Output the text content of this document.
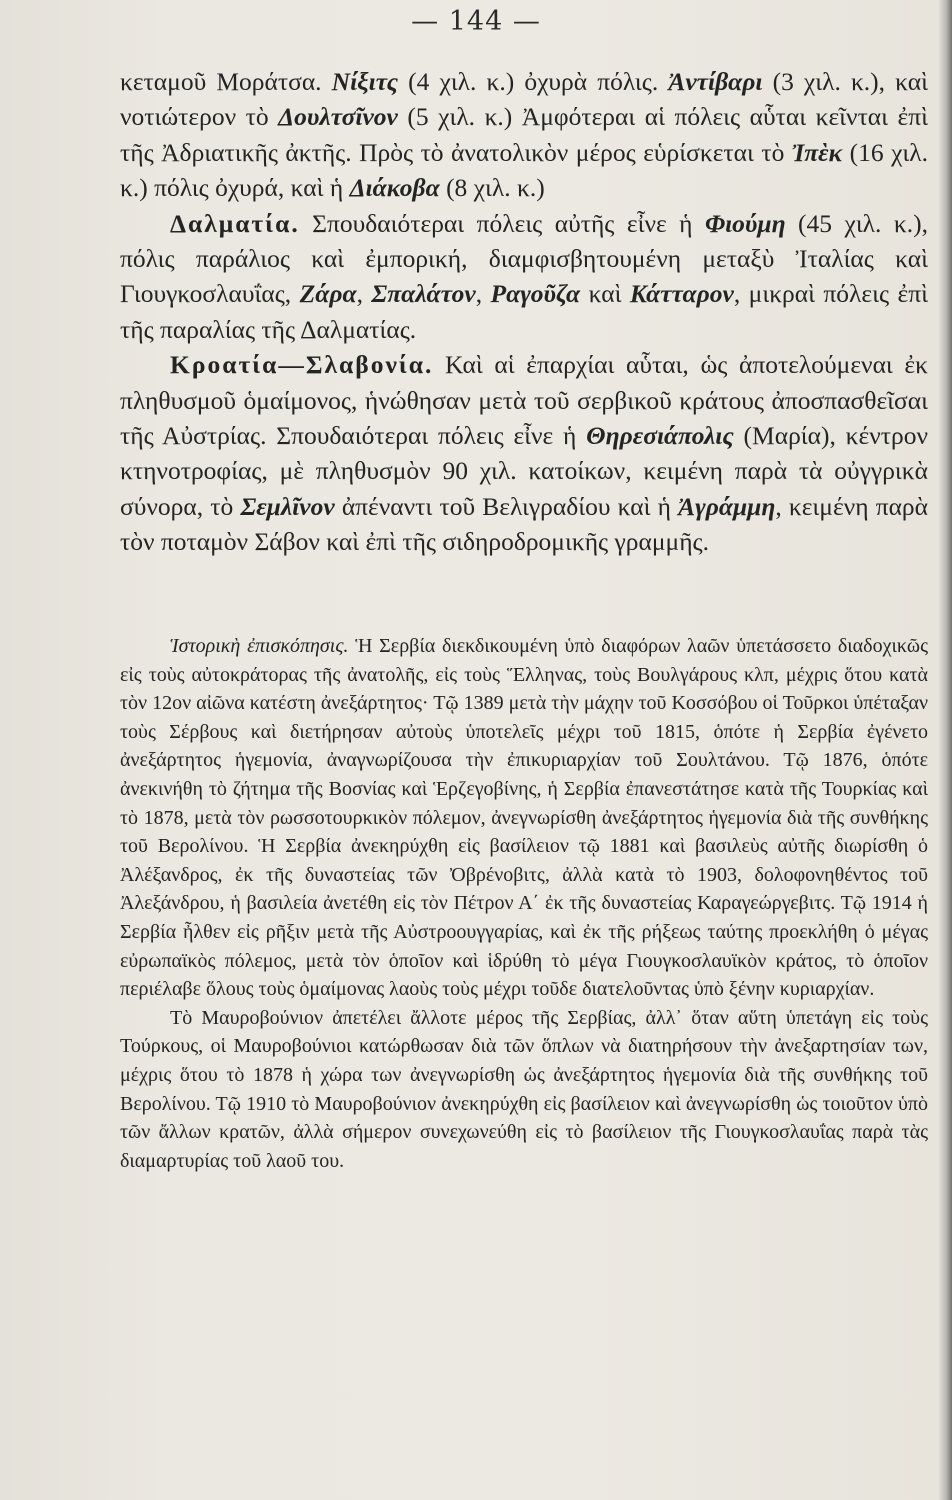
— 144 —

κεταμοῦ Μοράτσα. Νίξιτς (4 χιλ. κ.) ὀχυρὰ πόλις. Ἀντίβαρι (3 χιλ. κ.), καὶ νοτιώτερον τὸ Δουλτσῖνον (5 χιλ. κ.) Ἀμφότεραι αἱ πόλεις αὗται κεῖνται ἐπὶ τῆς Ἀδριατικῆς ἀκτῆς. Πρὸς τὸ ἀνατολικὸν μέρος εὑρίσκεται τὸ Ἰπὲκ (16 χιλ. κ.) πόλις ὀχυρά, καὶ ἡ Διάκοβα (8 χιλ. κ.)

Δαλματία. Σπουδαιότεραι πόλεις αὐτῆς εἶνε ἡ Φιούμη (45 χιλ. κ.), πόλις παράλιος καὶ ἐμπορική, διαμφισβητουμένη μεταξὺ Ἰταλίας καὶ Γιουγκοσλαυΐας, Ζάρα, Σπαλάτον, Ραγοῦζα καὶ Κάτταρον, μικραὶ πόλεις ἐπὶ τῆς παραλίας τῆς Δαλματίας.

Κροατία—Σλαβονία. Καὶ αἱ ἐπαρχίαι αὗται, ὡς ἀποτελούμεναι ἐκ πληθυσμοῦ ὁμαίμονος, ἡνώθησαν μετὰ τοῦ σερβικοῦ κράτους ἀποσπασθεῖσαι τῆς Αὐστρίας. Σπουδαιότεραι πόλεις εἶνε ἡ Θηρεσιάπολις (Μαρία), κέντρον κτηνοτροφίας, μὲ πληθυσμὸν 90 χιλ. κατοίκων, κειμένη παρὰ τὰ οὐγγρικὰ σύνορα, τὸ Σεμλῖνον ἀπέναντι τοῦ Βελιγραδίου καὶ ἡ Ἀγράμμη, κειμένη παρὰ τὸν ποταμὸν Σάβον καὶ ἐπὶ τῆς σιδηροδρομικῆς γραμμῆς.

Ἱστορικὴ ἐπισκόπησις. Ἡ Σερβία διεκδικουμένη ὑπὸ διαφόρων λαῶν ὑπετάσσετο διαδοχικῶς εἰς τοὺς αὐτοκράτορας τῆς ἀνατολῆς, εἰς τοὺς Ἕλληνας, τοὺς Βουλγάρους κλπ, μέχρις ὅτου κατὰ τὸν 12ον αἰῶνα κατέστη ἀνεξάρτητος· Τῷ 1389 μετὰ τὴν μάχην τοῦ Κοσσόβου οἱ Τοῦρκοι ὑπέταξαν τοὺς Σέρβους καὶ διετήρησαν αὐτοὺς ὑποτελεῖς μέχρι τοῦ 1815, ὁπότε ἡ Σερβία ἐγένετο ἀνεξάρτητος ἡγεμονία, ἀναγνωρίζουσα τὴν ἐπικυριαρχίαν τοῦ Σουλτάνου. Τῷ 1876, ὁπότε ἀνεκινήθη τὸ ζήτημα τῆς Βοσνίας καὶ Ἑρζεγοβίνης, ἡ Σερβία ἐπανεστάτησε κατὰ τῆς Τουρκίας καὶ τὸ 1878, μετὰ τὸν ρωσσοτουρκικὸν πόλεμον, ἀνεγνωρίσθη ἀνεξάρτητος ἡγεμονία διὰ τῆς συνθήκης τοῦ Βερολίνου. Ἡ Σερβία ἀνεκηρύχθη εἰς βασίλειον τῷ 1881 καὶ βασιλεὺς αὐτῆς διωρίσθη ὁ Ἀλέξανδρος, ἐκ τῆς δυναστείας τῶν Ὀβρένοβιτς, ἀλλὰ κατὰ τὸ 1903, δολοφονηθέντος τοῦ Ἀλεξάνδρου, ἡ βασιλεία ἀνετέθη εἰς τὸν Πέτρον Α΄ ἐκ τῆς δυναστείας Καραγεώργεβιτς. Τῷ 1914 ἡ Σερβία ἦλθεν εἰς ρῆξιν μετὰ τῆς Αὐστροουγγαρίας, καὶ ἐκ τῆς ρήξεως ταύτης προεκλήθη ὁ μέγας εὐρωπαϊκὸς πόλεμος, μετὰ τὸν ὁποῖον καὶ ἱδρύθη τὸ μέγα Γιουγκοσλαυϊκὸν κράτος, τὸ ὁποῖον περιέλαβε ὅλους τοὺς ὁμαίμονας λαοὺς τοὺς μέχρι τοῦδε διατελοῦντας ὑπὸ ξένην κυριαρχίαν.

Τὸ Μαυροβούνιον ἀπετέλει ἄλλοτε μέρος τῆς Σερβίας, ἀλλ᾿ ὅταν αὕτη ὑπετάγη εἰς τοὺς Τούρκους, οἱ Μαυροβούνιοι κατώρθωσαν διὰ τῶν ὅπλων νὰ διατηρήσουν τὴν ἀνεξαρτησίαν των, μέχρις ὅτου τὸ 1878 ἡ χώρα των ἀνεγνωρίσθη ὡς ἀνεξάρτητος ἡγεμονία διὰ τῆς συνθήκης τοῦ Βερολίνου. Τῷ 1910 τὸ Μαυροβούνιον ἀνεκηρύχθη εἰς βασίλειον καὶ ἀνεγνωρίσθη ὡς τοιοῦτον ὑπὸ τῶν ἄλλων κρατῶν, ἀλλὰ σήμερον συνεχωνεύθη εἰς τὸ βασίλειον τῆς Γιουγκοσλαυΐας παρὰ τὰς διαμαρτυρίας τοῦ λαοῦ του.
